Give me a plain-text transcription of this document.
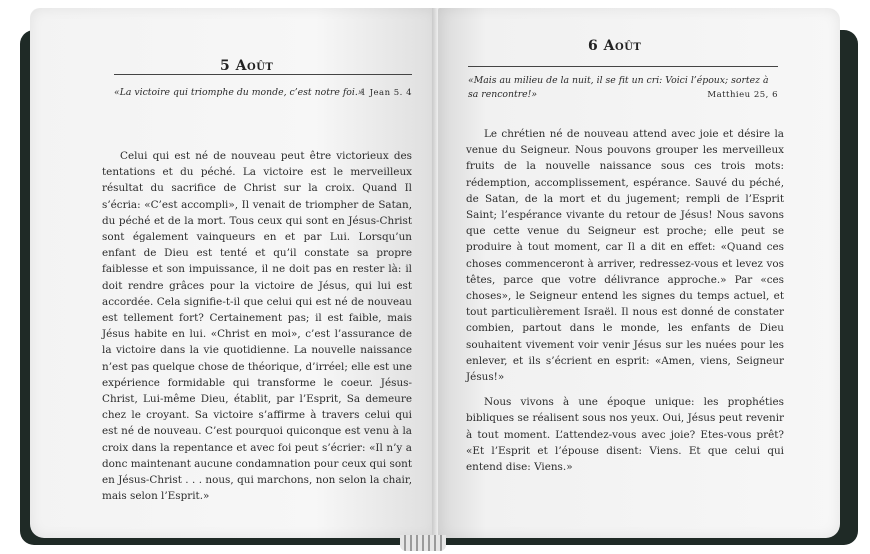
5 Août
«La victoire qui triomphe du monde, c’est notre foi.»
1 Jean 5. 4

Celui qui est né de nouveau peut être victorieux des tentations et du péché. La victoire est le merveilleux résultat du sacrifice de Christ sur la croix. Quand Il s’écria: «C’est accompli», Il venait de triompher de Satan, du péché et de la mort. Tous ceux qui sont en Jésus-Christ sont également vainqueurs en et par Lui. Lorsqu’un enfant de Dieu est tenté et qu’il constate sa propre faiblesse et son impuissance, il ne doit pas en rester là: il doit rendre grâces pour la victoire de Jésus, qui lui est accordée. Cela signifie-t-il que celui qui est né de nouveau est tellement fort? Certainement pas; il est faible, mais Jésus habite en lui. «Christ en moi», c’est l’assurance de la victoire dans la vie quotidienne. La nouvelle naissance n’est pas quelque chose de théorique, d’irréel; elle est une expérience formidable qui transforme le coeur. Jésus-Christ, Lui-même Dieu, établit, par l’Esprit, Sa demeure chez le croyant. Sa victoire s’affirme à travers celui qui est né de nouveau. C’est pourquoi quiconque est venu à la croix dans la repentance et avec foi peut s’écrier: «Il n’y a donc maintenant aucune condamnation pour ceux qui sont en Jésus-Christ . . . nous, qui marchons, non selon la chair, mais selon l’Esprit.»

6 Août
«Mais au milieu de la nuit, il se fit un cri: Voici l’époux; sortez à sa rencontre!»	Matthieu 25, 6

Le chrétien né de nouveau attend avec joie et désire la venue du Seigneur. Nous pouvons grouper les merveilleux fruits de la nouvelle naissance sous ces trois mots: rédemption, accomplissement, espérance. Sauvé du péché, de Satan, de la mort et du jugement; rempli de l’Esprit Saint; l’espérance vivante du retour de Jésus! Nous savons que cette venue du Seigneur est proche; elle peut se produire à tout moment, car Il a dit en effet: «Quand ces choses commenceront à arriver, redressez-vous et levez vos têtes, parce que votre délivrance approche.» Par «ces choses», le Seigneur entend les signes du temps actuel, et tout particulièrement Israël. Il nous est donné de constater combien, partout dans le monde, les enfants de Dieu souhaitent vivement voir venir Jésus sur les nuées pour les enlever, et ils s’écrient en esprit: «Amen, viens, Seigneur Jésus!»

Nous vivons à une époque unique: les prophéties bibliques se réalisent sous nos yeux. Oui, Jésus peut revenir à tout moment. L’attendez-vous avec joie? Etes-vous prêt? «Et l’Esprit et l’épouse disent: Viens. Et que celui qui entend dise: Viens.»
